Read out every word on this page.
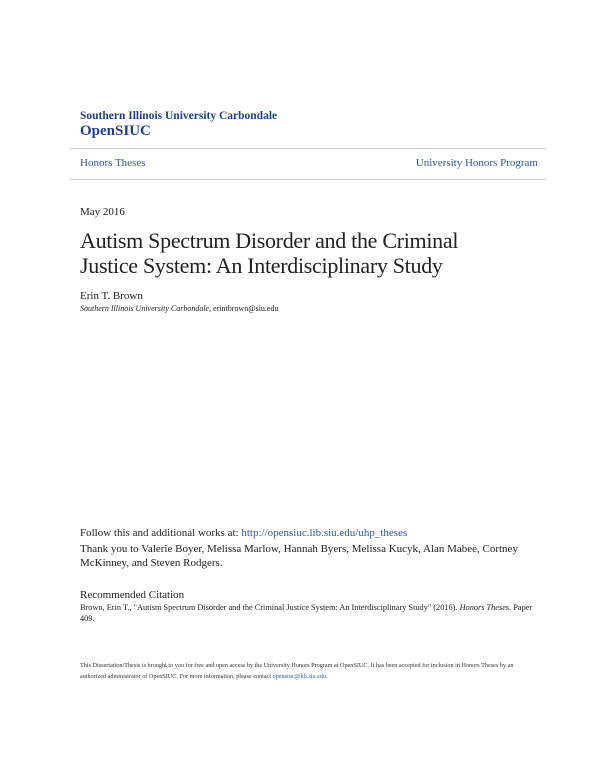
Southern Illinois University Carbondale
OpenSIUC
Honors Theses	University Honors Program
May 2016
Autism Spectrum Disorder and the Criminal
Justice System: An Interdisciplinary Study
Erin T. Brown
Southern Illinois University Carbondale, erintbrown@siu.edu
Follow this and additional works at: http://opensiuc.lib.siu.edu/uhp_theses
Thank you to Valerie Boyer, Melissa Marlow, Hannah Byers, Melissa Kucyk, Alan Mabee, Cortney McKinney, and Steven Rodgers.
Recommended Citation
Brown, Erin T., "Autism Spectrum Disorder and the Criminal Justice System: An Interdisciplinary Study" (2016). Honors Theses. Paper 409.
This Dissertation/Thesis is brought to you for free and open access by the University Honors Program at OpenSIUC. It has been accepted for inclusion in Honors Theses by an authorized administrator of OpenSIUC. For more information, please contact opensiuc@lib.siu.edu.
